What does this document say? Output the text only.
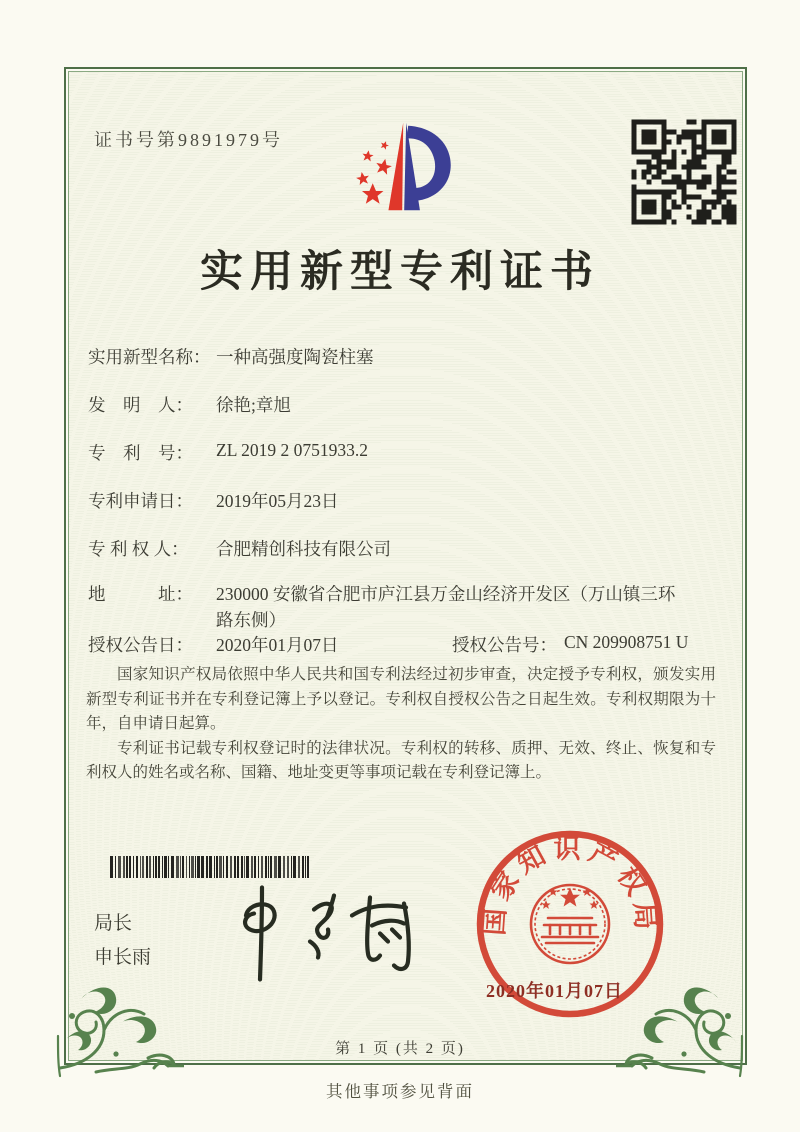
证书号第9891979号
实用新型专利证书
实用新型名称： 一种高强度陶瓷柱塞
发　明　人：	徐艳;章旭
专　利　号：	ZL 2019 2 0751933.2
专利申请日：	2019年05月23日
专 利 权 人：	合肥精创科技有限公司
地　　　址：	230000 安徽省合肥市庐江县万金山经济开发区（万山镇三环路东侧）
授权公告日：	2020年01月07日	授权公告号： CN 209908751 U

国家知识产权局依照中华人民共和国专利法经过初步审查，决定授予专利权，颁发实用新型专利证书并在专利登记簿上予以登记。专利权自授权公告之日起生效。专利权期限为十年，自申请日起算。

专利证书记载专利权登记时的法律状况。专利权的转移、质押、无效、终止、恢复和专利权人的姓名或名称、国籍、地址变更等事项记载在专利登记簿上。

局长
申长雨
国家知识产权局
2020年01月07日
第 1 页 (共 2 页)
其他事项参见背面
